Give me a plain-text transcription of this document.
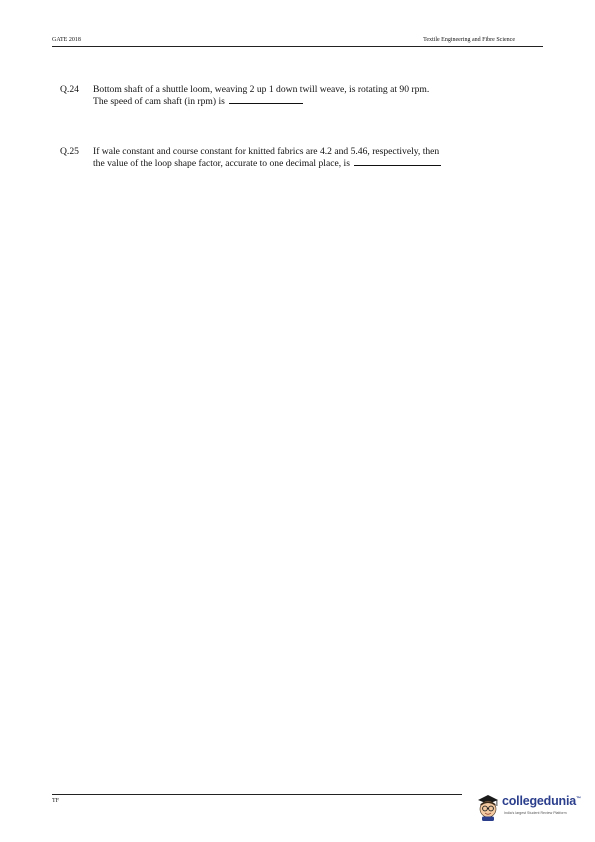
GATE 2018	Textile Engineering and Fibre Science
Q.24	Bottom shaft of a shuttle loom, weaving 2 up 1 down twill weave, is rotating at 90 rpm.
The speed of cam shaft (in rpm) is
Q.25	If wale constant and course constant for knitted fabrics are 4.2 and 5.46, respectively, then
the value of the loop shape factor, accurate to one decimal place, is
TF	collegedunia™
India's largest Student Review Platform
